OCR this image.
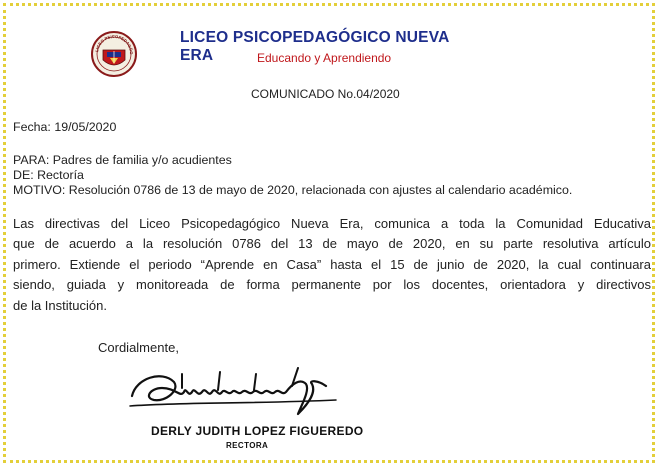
LICEO PSICOPEDAGÓG
LICEO PSICOPEDAGÓGICO NUEVA ERA	Educando y Aprendiendo
COMUNICADO No.04/2020
Fecha: 19/05/2020
PARA: Padres de familia y/o acudientes
DE: Rectoría
MOTIVO: Resolución 0786 de 13 de mayo de 2020, relacionada con ajustes al calendario académico.
Las directivas del Liceo Psicopedagógico Nueva Era, comunica a toda la Comunidad Educativa
que de acuerdo a la resolución 0786 del 13 de mayo de 2020, en su parte resolutiva artículo
primero. Extiende el periodo “Aprende en Casa” hasta el 15 de junio de 2020, la cual continuara
siendo, guiada y monitoreada de forma permanente por los docentes, orientadora y directivos
de la Institución.
Cordialmente,
DERLY JUDITH LOPEZ FIGUEREDO
RECTORA
